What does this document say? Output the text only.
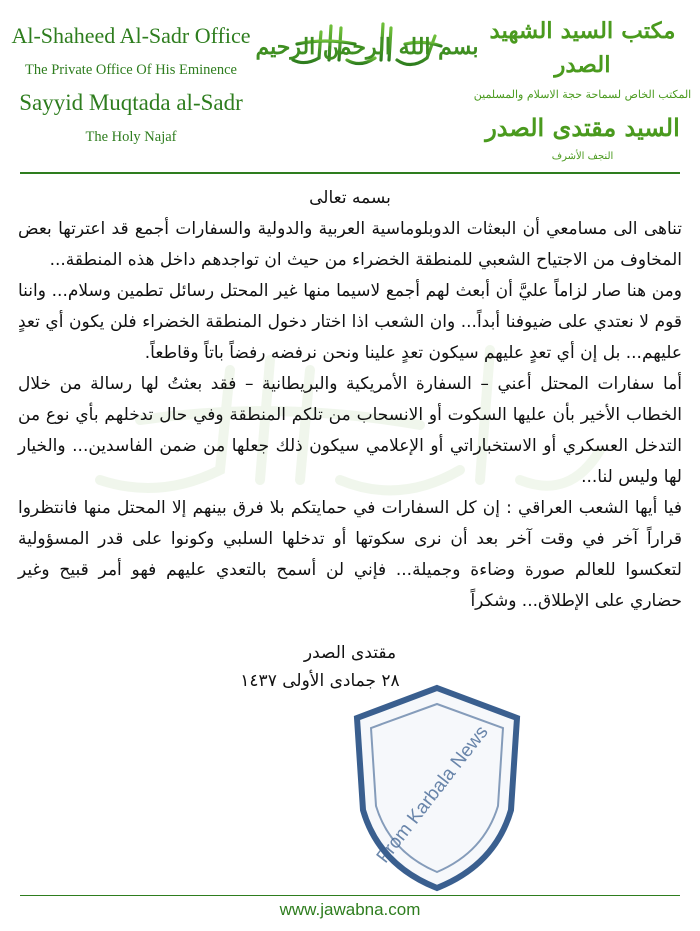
Al-Shaheed Al-Sadr Office
The Private Office Of His Eminence
Sayyid Muqtada al-Sadr
The Holy Najaf
بسم الله الرحمن الرحيم
مكتب السيد الشهيد الصدر
المكتب الخاص لسماحة حجة الاسلام والمسلمين
السيد مقتدى الصدر
النجف الأشرف
From Karbala News
بسمه تعالى

تناهى الى مسامعي أن البعثات الدوبلوماسية العربية والدولية والسفارات أجمع قد اعترتها بعض المخاوف من الاجتياح الشعبي للمنطقة الخضراء من حيث ان تواجدهم داخل هذه المنطقة...

ومن هنا صار لزاماً عليَّ أن أبعث لهم أجمع لاسيما منها غير المحتل رسائل تطمين وسلام... واننا قوم لا نعتدي على ضيوفنا أبداً... وان الشعب اذا اختار دخول المنطقة الخضراء فلن يكون أي تعدٍ عليهم... بل إن أي تعدٍ عليهم سيكون تعدٍ علينا ونحن نرفضه رفضاً باتاً وقاطعاً.

أما سفارات المحتل أعني – السفارة الأمريكية والبريطانية – فقد بعثتُ لها رسالة من خلال الخطاب الأخير بأن عليها السكوت أو الانسحاب من تلكم المنطقة وفي حال تدخلهم بأي نوع من التدخل العسكري أو الاستخباراتي أو الإعلامي سيكون ذلك جعلها من ضمن الفاسدين... والخيار لها وليس لنا...

فيا أيها الشعب العراقي : إن كل السفارات في حمايتكم بلا فرق بينهم إلا المحتل منها فانتظروا قراراً آخر في وقت آخر بعد أن نرى سكوتها أو تدخلها السلبي وكونوا على قدر المسؤولية لتعكسوا للعالم صورة وضاءة وجميلة... فإني لن أسمح بالتعدي عليهم فهو أمر قبيح وغير حضاري على الإطلاق... وشكراً

مقتدى الصدر
٢٨ جمادى الأولى ١٤٣٧
www.jawabna.com
